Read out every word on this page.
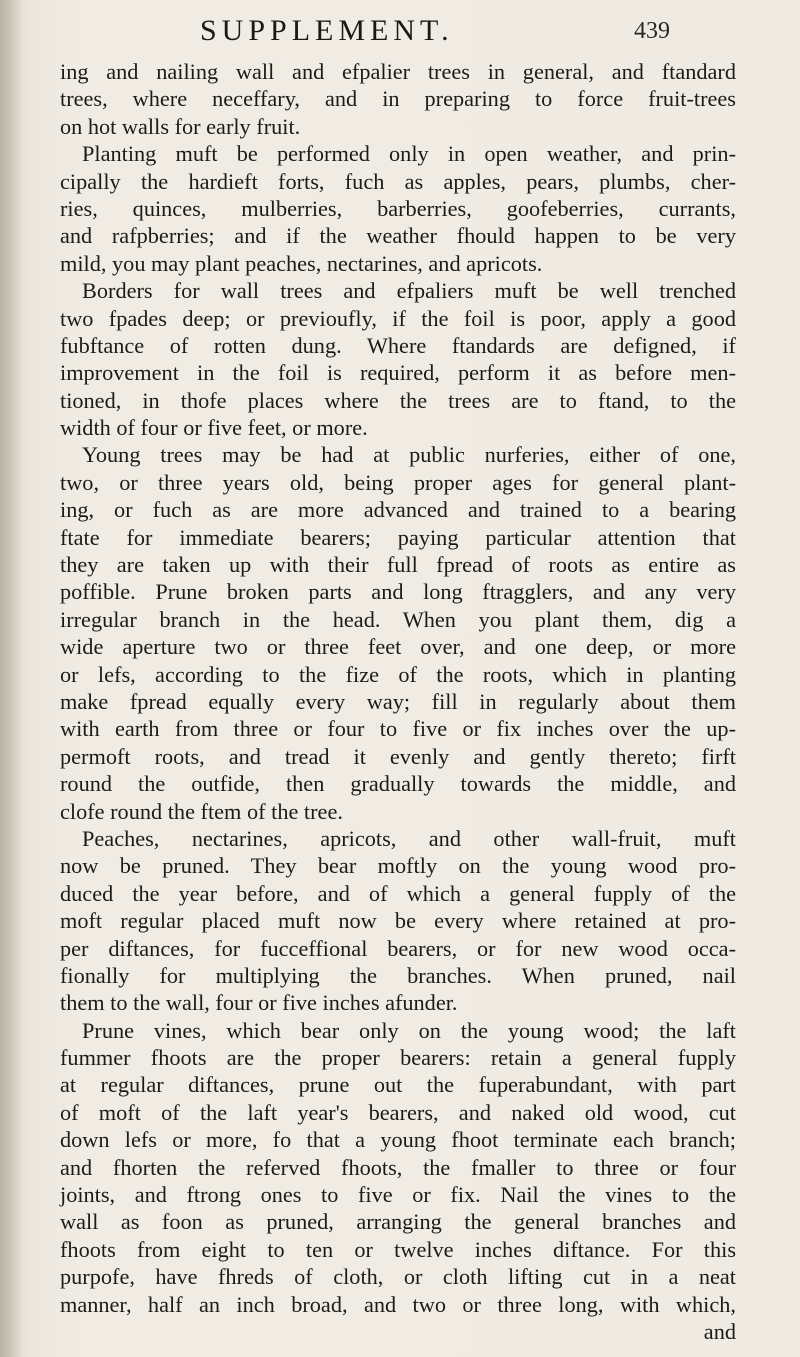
SUPPLEMENT.	439
ing and nailing wall and efpalier trees in general, and ftandard
trees, where neceffary, and in preparing to force fruit-trees
on hot walls for early fruit.
Planting muft be performed only in open weather, and prin-
cipally the hardieft forts, fuch as apples, pears, plumbs, cher-
ries, quinces, mulberries, barberries, goofeberries, currants,
and rafpberries; and if the weather fhould happen to be very
mild, you may plant peaches, nectarines, and apricots.
Borders for wall trees and efpaliers muft be well trenched
two fpades deep; or previoufly, if the foil is poor, apply a good
fubftance of rotten dung. Where ftandards are defigned, if
improvement in the foil is required, perform it as before men-
tioned, in thofe places where the trees are to ftand, to the
width of four or five feet, or more.
Young trees may be had at public nurferies, either of one,
two, or three years old, being proper ages for general plant-
ing, or fuch as are more advanced and trained to a bearing
ftate for immediate bearers; paying particular attention that
they are taken up with their full fpread of roots as entire as
poffible. Prune broken parts and long ftragglers, and any very
irregular branch in the head. When you plant them, dig a
wide aperture two or three feet over, and one deep, or more
or lefs, according to the fize of the roots, which in planting
make fpread equally every way; fill in regularly about them
with earth from three or four to five or fix inches over the up-
permoft roots, and tread it evenly and gently thereto; firft
round the outfide, then gradually towards the middle, and
clofe round the ftem of the tree.
Peaches, nectarines, apricots, and other wall-fruit, muft
now be pruned. They bear moftly on the young wood pro-
duced the year before, and of which a general fupply of the
moft regular placed muft now be every where retained at pro-
per diftances, for fucceffional bearers, or for new wood occa-
fionally for multiplying the branches. When pruned, nail
them to the wall, four or five inches afunder.
Prune vines, which bear only on the young wood; the laft
fummer fhoots are the proper bearers: retain a general fupply
at regular diftances, prune out the fuperabundant, with part
of moft of the laft year's bearers, and naked old wood, cut
down lefs or more, fo that a young fhoot terminate each branch;
and fhorten the referved fhoots, the fmaller to three or four
joints, and ftrong ones to five or fix. Nail the vines to the
wall as foon as pruned, arranging the general branches and
fhoots from eight to ten or twelve inches diftance. For this
purpofe, have fhreds of cloth, or cloth lifting cut in a neat
manner, half an inch broad, and two or three long, with which,
and
